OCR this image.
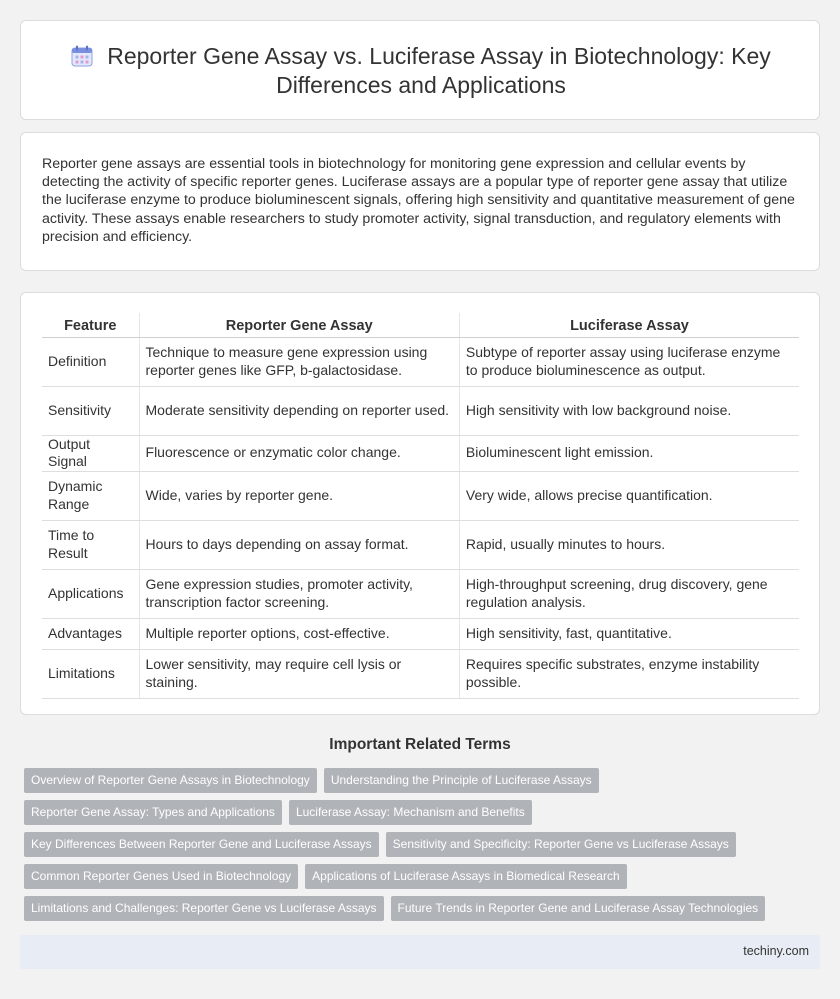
Reporter Gene Assay vs. Luciferase Assay in Biotechnology: Key Differences and Applications

Reporter gene assays are essential tools in biotechnology for monitoring gene expression and cellular events by detecting the activity of specific reporter genes. Luciferase assays are a popular type of reporter gene assay that utilize the luciferase enzyme to produce bioluminescent signals, offering high sensitivity and quantitative measurement of gene activity. These assays enable researchers to study promoter activity, signal transduction, and regulatory elements with precision and efficiency.

Feature	Reporter Gene Assay	Luciferase Assay
Definition	Technique to measure gene expression using reporter genes like GFP, b-galactosidase.	Subtype of reporter assay using luciferase enzyme to produce bioluminescence as output.
Sensitivity	Moderate sensitivity depending on reporter used.	High sensitivity with low background noise.
Output Signal	Fluorescence or enzymatic color change.	Bioluminescent light emission.
Dynamic Range	Wide, varies by reporter gene.	Very wide, allows precise quantification.
Time to Result	Hours to days depending on assay format.	Rapid, usually minutes to hours.
Applications	Gene expression studies, promoter activity, transcription factor screening.	High-throughput screening, drug discovery, gene regulation analysis.
Advantages	Multiple reporter options, cost-effective.	High sensitivity, fast, quantitative.
Limitations	Lower sensitivity, may require cell lysis or staining.	Requires specific substrates, enzyme instability possible.
Important Related Terms
Overview of Reporter Gene Assays in Biotechnology	Understanding the Principle of Luciferase Assays
Reporter Gene Assay: Types and Applications	Luciferase Assay: Mechanism and Benefits
Key Differences Between Reporter Gene and Luciferase Assays	Sensitivity and Specificity: Reporter Gene vs Luciferase Assays
Common Reporter Genes Used in Biotechnology	Applications of Luciferase Assays in Biomedical Research
Limitations and Challenges: Reporter Gene vs Luciferase Assays	Future Trends in Reporter Gene and Luciferase Assay Technologies
techiny.com
